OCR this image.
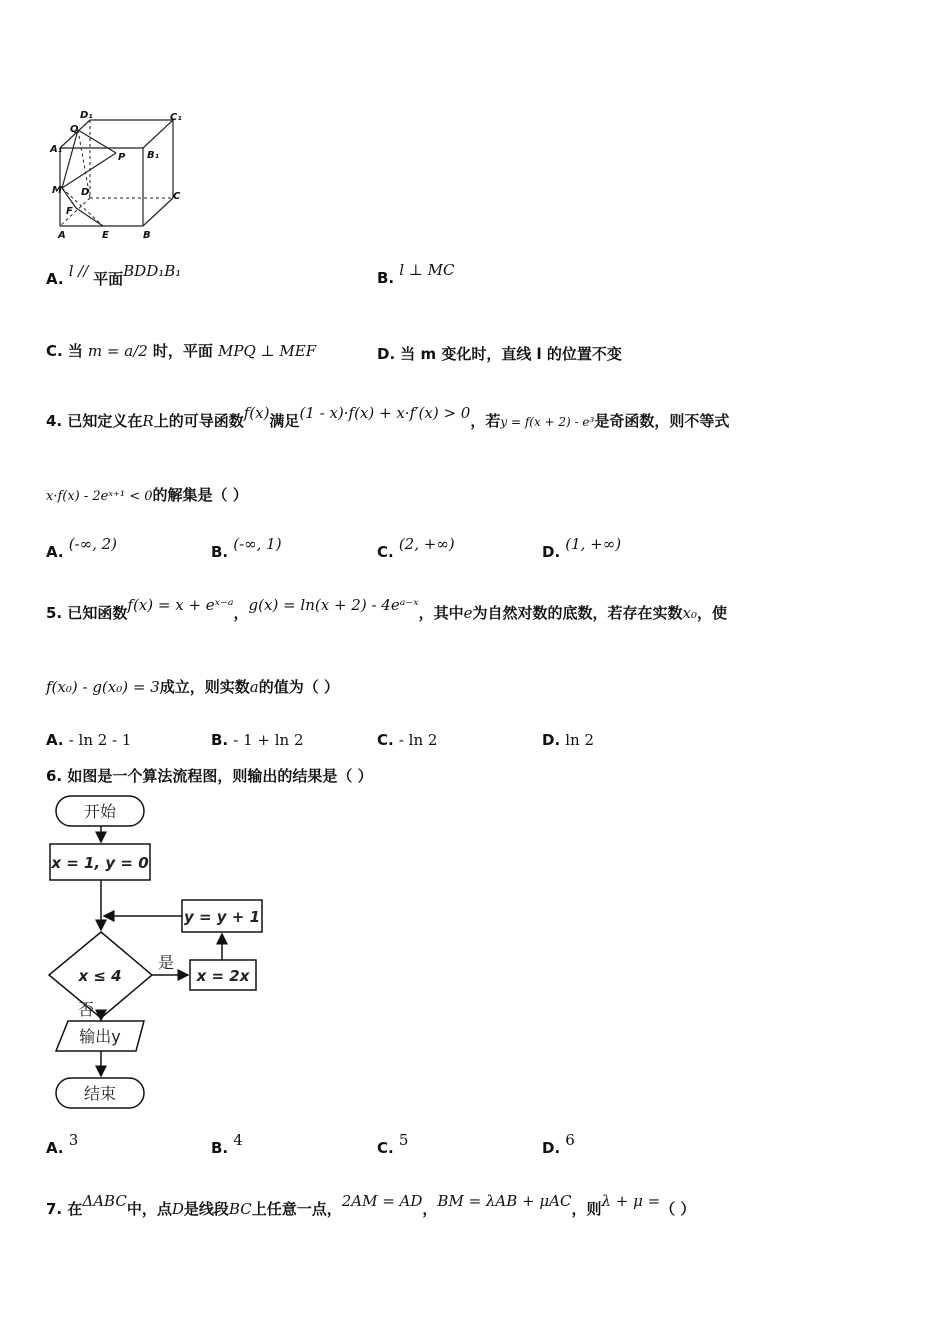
D₁	C₁
Q
A₁
P B₁
M D	C
F
A	E	B
A. l // 平面BDD₁B₁	B. l ⊥ MC
C. 当 m = a/2 时，平面 MPQ ⊥ MEF	D. 当 m 变化时，直线 l 的位置不变
4. 已知定义在R上的可导函数f(x)满足(1 - x)·f(x) + x·f′(x) > 0，若y = f(x + 2) - e³是奇函数，则不等式
x·f(x) - 2eˣ⁺¹ < 0的解集是（ ）
A. (-∞, 2)	B. (-∞, 1)	C. (2, +∞)	D. (1, +∞)
5. 已知函数f(x) = x + eˣ⁻ᵃ，g(x) = ln(x + 2) - 4eᵃ⁻ˣ，其中e为自然对数的底数，若存在实数x₀，使
f(x₀) - g(x₀) = 3成立，则实数a的值为（ ）
A. - ln 2 - 1	B. - 1 + ln 2	C. - ln 2	D. ln 2
6. 如图是一个算法流程图，则输出的结果是（ ）
开始
x = 1, y = 0
y = y + 1
x ≤ 4
是
否
x = 2x
输出y
结束
A. 3	B. 4	C. 5	D. 6
7. 在ΔABC中，点D是线段BC上任意一点，2AM = AD，BM = λAB + μAC，则λ + μ =（ ）
